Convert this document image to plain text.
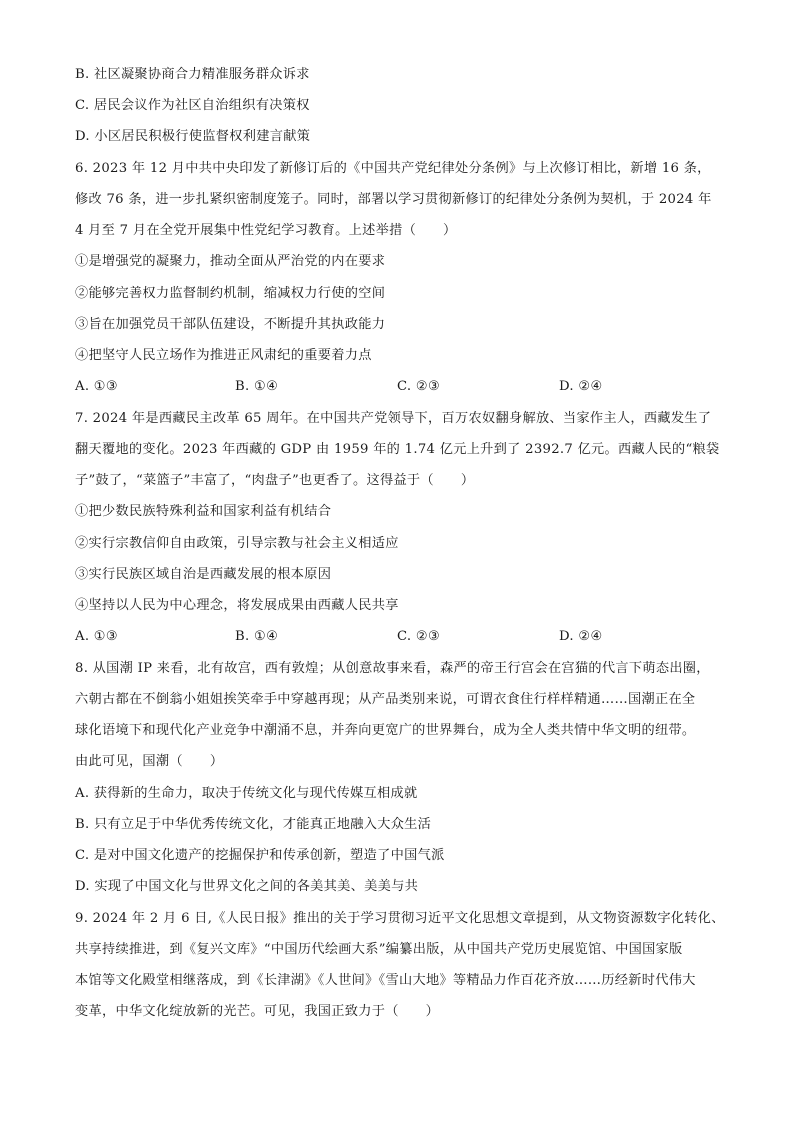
B. 社区凝聚协商合力精准服务群众诉求
C. 居民会议作为社区自治组织有决策权
D. 小区居民积极行使监督权利建言献策
6. 2023 年 12 月中共中央印发了新修订后的《中国共产党纪律处分条例》与上次修订相比，新增 16 条，
修改 76 条，进一步扎紧织密制度笼子。同时，部署以学习贯彻新修订的纪律处分条例为契机，于 2024 年
4 月至 7 月在全党开展集中性党纪学习教育。上述举措（　　）
①是增强党的凝聚力，推动全面从严治党的内在要求
②能够完善权力监督制约机制，缩减权力行使的空间
③旨在加强党员干部队伍建设，不断提升其执政能力
④把坚守人民立场作为推进正风肃纪的重要着力点
A. ①③	B. ①④	C. ②③	D. ②④
7. 2024 年是西藏民主改革 65 周年。在中国共产党领导下，百万农奴翻身解放、当家作主人，西藏发生了
翻天覆地的变化。2023 年西藏的 GDP 由 1959 年的 1.74 亿元上升到了 2392.7 亿元。西藏人民的“粮袋
子”鼓了，“菜篮子”丰富了，“肉盘子”也更香了。这得益于（　　）
①把少数民族特殊利益和国家利益有机结合
②实行宗教信仰自由政策，引导宗教与社会主义相适应
③实行民族区域自治是西藏发展的根本原因
④坚持以人民为中心理念，将发展成果由西藏人民共享
A. ①③	B. ①④	C. ②③	D. ②④
8. 从国潮 IP 来看，北有故宫，西有敦煌；从创意故事来看，森严的帝王行宫会在宫猫的代言下萌态出圈，
六朝古都在不倒翁小姐姐挨笑牵手中穿越再现；从产品类别来说，可谓衣食住行样样精通……国潮正在全
球化语境下和现代化产业竞争中潮涌不息，并奔向更宽广的世界舞台，成为全人类共情中华文明的纽带。
由此可见，国潮（　　）
A. 获得新的生命力，取决于传统文化与现代传媒互相成就
B. 只有立足于中华优秀传统文化，才能真正地融入大众生活
C. 是对中国文化遗产的挖掘保护和传承创新，塑造了中国气派
D. 实现了中国文化与世界文化之间的各美其美、美美与共
9. 2024 年 2 月 6 日,《人民日报》推出的关于学习贯彻习近平文化思想文章提到，从文物资源数字化转化、
共享持续推进，到《复兴文库》“中国历代绘画大系”编纂出版，从中国共产党历史展览馆、中国国家版
本馆等文化殿堂相继落成，到《长津湖》《人世间》《雪山大地》等精品力作百花齐放……历经新时代伟大
变革，中华文化绽放新的光芒。可见，我国正致力于（　　）
